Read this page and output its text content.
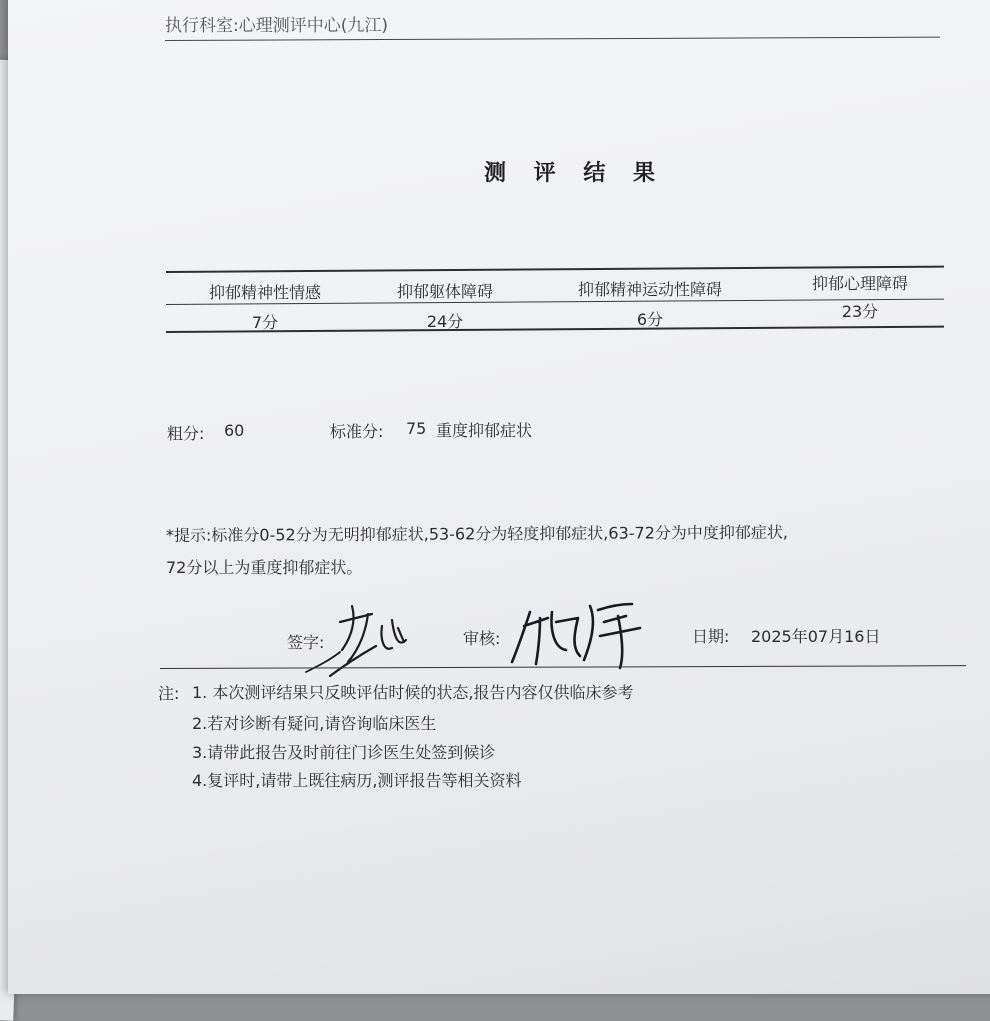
执行科室:心理测评中心(九江)
测 评 结 果
抑郁精神性情感	抑郁躯体障碍	抑郁精神运动性障碍	抑郁心理障碍
7分	24分	6分	23分
粗分: 60	标准分: 75 重度抑郁症状
*提示:标准分0-52分为无明抑郁症状,53-62分为轻度抑郁症状,63-72分为中度抑郁症状,
72分以上为重度抑郁症状。
签字:	审核:	日期: 2025年07月16日
注: 1. 本次测评结果只反映评估时候的状态,报告内容仅供临床参考
2.若对诊断有疑问,请咨询临床医生
3.请带此报告及时前往门诊医生处签到候诊
4.复评时,请带上既往病历,测评报告等相关资料
